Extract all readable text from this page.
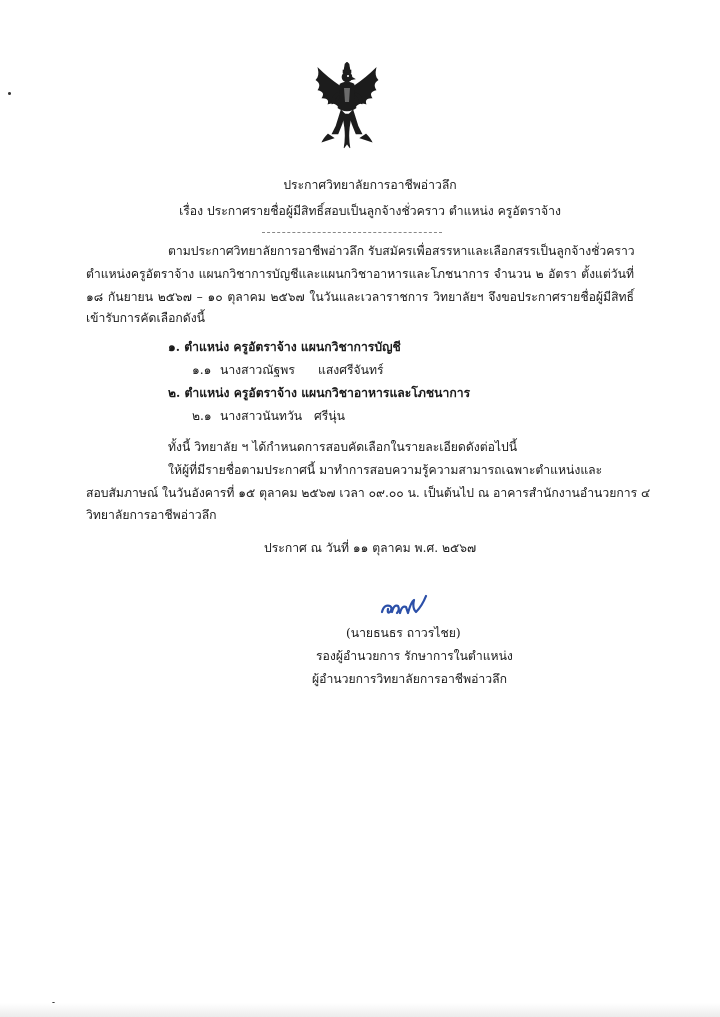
ประกาศวิทยาลัยการอาชีพอ่าวลึก
เรื่อง ประกาศรายชื่อผู้มีสิทธิ์สอบเป็นลูกจ้างชั่วคราว ตำแหน่ง ครูอัตราจ้าง
ตามประกาศวิทยาลัยการอาชีพอ่าวลึก รับสมัครเพื่อสรรหาและเลือกสรรเป็นลูกจ้างชั่วคราว
ตำแหน่งครูอัตราจ้าง แผนกวิชาการบัญชีและแผนกวิชาอาหารและโภชนาการ จำนวน ๒ อัตรา ตั้งแต่วันที่
๑๘ กันยายน ๒๕๖๗ – ๑๐ ตุลาคม ๒๕๖๗ ในวันและเวลาราชการ วิทยาลัยฯ จึงขอประกาศรายชื่อผู้มีสิทธิ์
เข้ารับการคัดเลือกดังนี้
๑. ตำแหน่ง ครูอัตราจ้าง แผนกวิชาการบัญชี
๑.๑ นางสาวณัฐพร แสงศรีจันทร์
๒. ตำแหน่ง ครูอัตราจ้าง แผนกวิชาอาหารและโภชนาการ
๒.๑ นางสาวนันทวัน ศรีนุ่น
ทั้งนี้ วิทยาลัย ฯ ได้กำหนดการสอบคัดเลือกในรายละเอียดดังต่อไปนี้
ให้ผู้ที่มีรายชื่อตามประกาศนี้ มาทำการสอบความรู้ความสามารถเฉพาะตำแหน่งและ
สอบสัมภาษณ์ ในวันอังคารที่ ๑๕ ตุลาคม ๒๕๖๗ เวลา ๐๙.๐๐ น. เป็นต้นไป ณ อาคารสำนักงานอำนวยการ ๔
วิทยาลัยการอาชีพอ่าวลึก
ประกาศ ณ วันที่ ๑๑ ตุลาคม พ.ศ. ๒๕๖๗
(นายธนธร ถาวรไชย)
รองผู้อำนวยการ รักษาการในตำแหน่ง
ผู้อำนวยการวิทยาลัยการอาชีพอ่าวลึก
